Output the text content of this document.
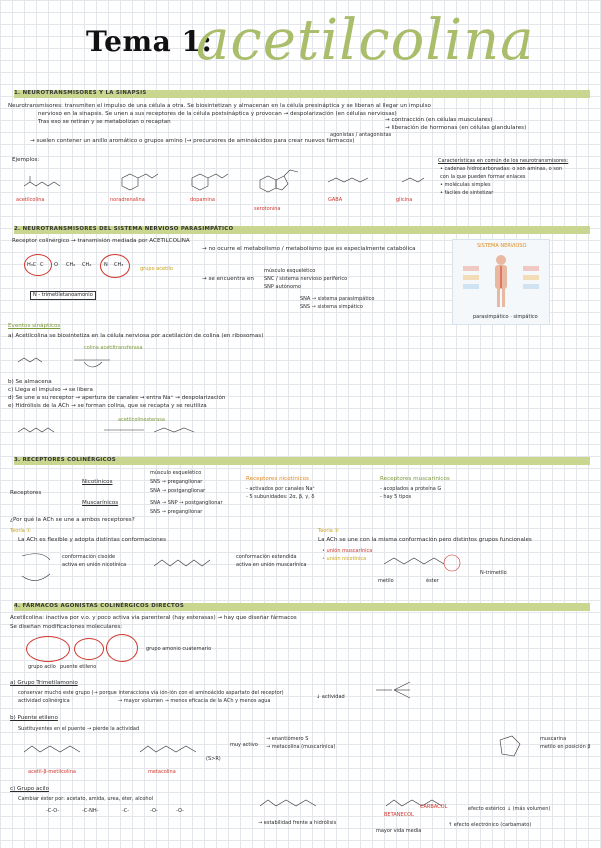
Tema 1:
acetilcolina
1. NEUROTRANSMISORES Y LA SINAPSIS
Neurotransmisores: transmiten el impulso de una célula a otra. Se biosintetizan y almacenan en la célula presináptica y se liberan al llegar un impulso
nervioso en la sinapsis. Se unen a sus receptores de la célula postsináptica y provocan → despolarización (en células nerviosas)
Tras eso se retiran y se metabolizan o recaptan	→ contracción (en células musculares)
→ liberación de hormonas (en células glandulares)
→ suelen contener un anillo aromático o grupos amino (→ precursores de aminoácidos para crear nuevos fármacos)
agonistas / antagonistas
Ejemplos:
acetilcolina	noradrenalina	dopamina
serotonina
GABA	glicina
Características en común de los neurotransmisores:
• cadenas hidrocarbonadas: o son aminas, o son
con la que pueden formar enlaces
• moléculas simples
• fáciles de sintetizar
2. NEUROTRANSMISORES DEL SISTEMA NERVIOSO PARASIMPÁTICO
Receptor colinérgico → transmisión mediada por ACETILCOLINA
H₃C C O CH₂ CH₂	N CH₃
grupo acetilo
N - trimetiletanoamonio
→ no ocurre el metabolismo / metabolismo que es especialmente catabólica
→ se encuentra en
músculo esquelético
SNC / sistema nervioso periférico
SNP autónomo
SNA → sistema parasimpático
SNS → sistema simpático
SISTEMA NERVIOSO
parasimpático · simpático
Eventos sinápticos
a) Acetilcolina se biosintetiza en la célula nerviosa por acetilación de colina (en ribosomas)
colina acetiltransferasa
b) Se almacena
c) Llega el impulso → se libera
d) Se une a su receptor → apertura de canales → entra Na⁺ → despolarización
e) Hidrólisis de la ACh → se forman colina, que se recapta y se reutiliza
acetilcolinesterasa
3. RECEPTORES COLINÉRGICOS
Receptores
Nicotínicos
Muscarínicos
músculo esquelético
SNS → preganglionar
SNA → postganglionar
SNA → SNP → postganglionar
SNS → preganglionar
Receptores nicotínicos
- activados por canales Na⁺
- 5 subunidades: 2α, β, γ, δ
Receptores muscarínicos
- acoplados a proteína G
- hay 5 tipos
¿Por qué la ACh se une a ambos receptores?
Teoría ①
La ACh es flexible y adopta distintas conformaciones
conformación cisoide
activa en unión nicotínica
conformación extendida
activa en unión muscarínica
Teoría ②
La ACh se une con la misma conformación pero distintos grupos funcionales
• unión muscarínica
• unión nicotínica
metilo	éster
N-trimetilo
4. FÁRMACOS AGONISTAS COLINÉRGICOS DIRECTOS
Acetilcolina: inactiva por v.o. y poco activa vía parenteral (hay esterasas) → hay que diseñar fármacos
Se diseñan modificaciones moleculares:
grupo acilo puente etileno
grupo amonio cuaternario
a) Grupo Trimetilamonio
conservar mucho este grupo (→ porque interacciona vía ión-ión con el aminoácido aspartato del receptor)
actividad colinérgica	→ mayor volumen → menos eficacia de la ACh y menos agua
↓ actividad
b) Puente etileno
Sustituyentes en el puente → pierde la actividad
acetil-β-metilcolina	metacolina
muy activo
→ enantiómero S
→ metacolina (muscarínica)
(S>R)
muscarina
metilo en posición β
c) Grupo acilo
Cambiar éster por: acetato, amida, urea, éter, alcohol
-C-O-	-C-NH-	-C-	-O-	-O-
BETANECOL
CARBACOL	efecto estérico ↓ (más volumen)
↑ efecto electrónico (carbamato)
→ estabilidad frente a hidrólisis
mayor vida media
